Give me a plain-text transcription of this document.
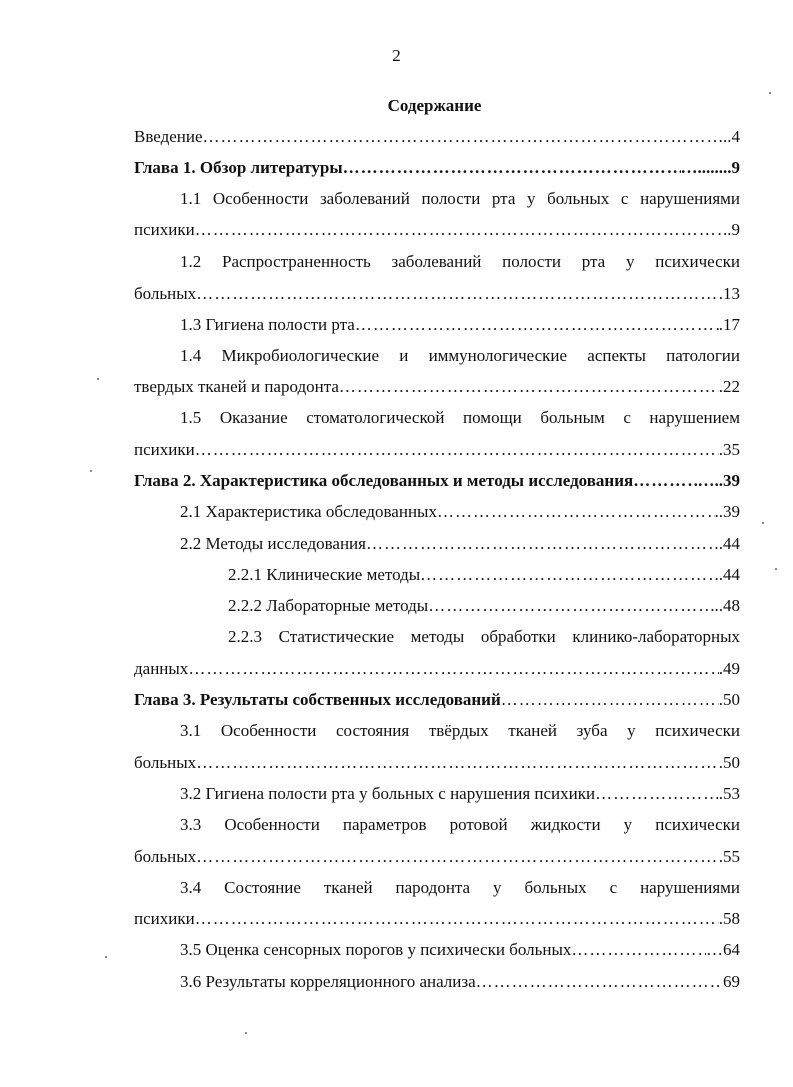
2
Содержание
Введение …………………………………………………………………………………………………………………………………………………………	..4
Глава 1. Обзор литературы …………………………………………………………………………………………………………………………………………………………	…........9
1.1 Особенности заболеваний полости рта у больных с нарушениями
психики …………………………………………………………………………………………………………………………………………………………	.9
1.2 Распространенность заболеваний полости рта у психически
больных …………………………………………………………………………………………………………………………………………………………	.13
1.3 Гигиена полости рта …………………………………………………………………………………………………………………………………………………………	.17
1.4 Микробиологические и иммунологические аспекты патологии
твердых тканей и пародонта …………………………………………………………………………………………………………………………………………………………	.22
1.5 Оказание стоматологической помощи больным с нарушением
психики …………………………………………………………………………………………………………………………………………………………	.35
Глава 2. Характеристика обследованных и методы исследования …………………………………………………………………………………………………………………………………………………………	…..39
2.1 Характеристика обследованных …………………………………………………………………………………………………………………………………………………………	..39
2.2 Методы исследования …………………………………………………………………………………………………………………………………………………………	.44
2.2.1 Клинические методы …………………………………………………………………………………………………………………………………………………………	.44
2.2.2 Лабораторные методы …………………………………………………………………………………………………………………………………………………………	..48
2.2.3 Статистические методы обработки клинико-лабораторных
данных …………………………………………………………………………………………………………………………………………………………	.49
Глава 3. Результаты собственных исследований …………………………………………………………………………………………………………………………………………………………	.50
3.1 Особенности состояния твёрдых тканей зуба у психически
больных …………………………………………………………………………………………………………………………………………………………	.50
3.2 Гигиена полости рта у больных с нарушения психики …………………………………………………………………………………………………………………………………………………………	.53
3.3 Особенности параметров ротовой жидкости у психически
больных …………………………………………………………………………………………………………………………………………………………	.55
3.4 Состояние тканей пародонта у больных с нарушениями
психики …………………………………………………………………………………………………………………………………………………………	.58
3.5 Оценка сенсорных порогов у психически больных …………………………………………………………………………………………………………………………………………………………	…64
3.6 Результаты корреляционного анализа …………………………………………………………………………………………………………………………………………………………	69
